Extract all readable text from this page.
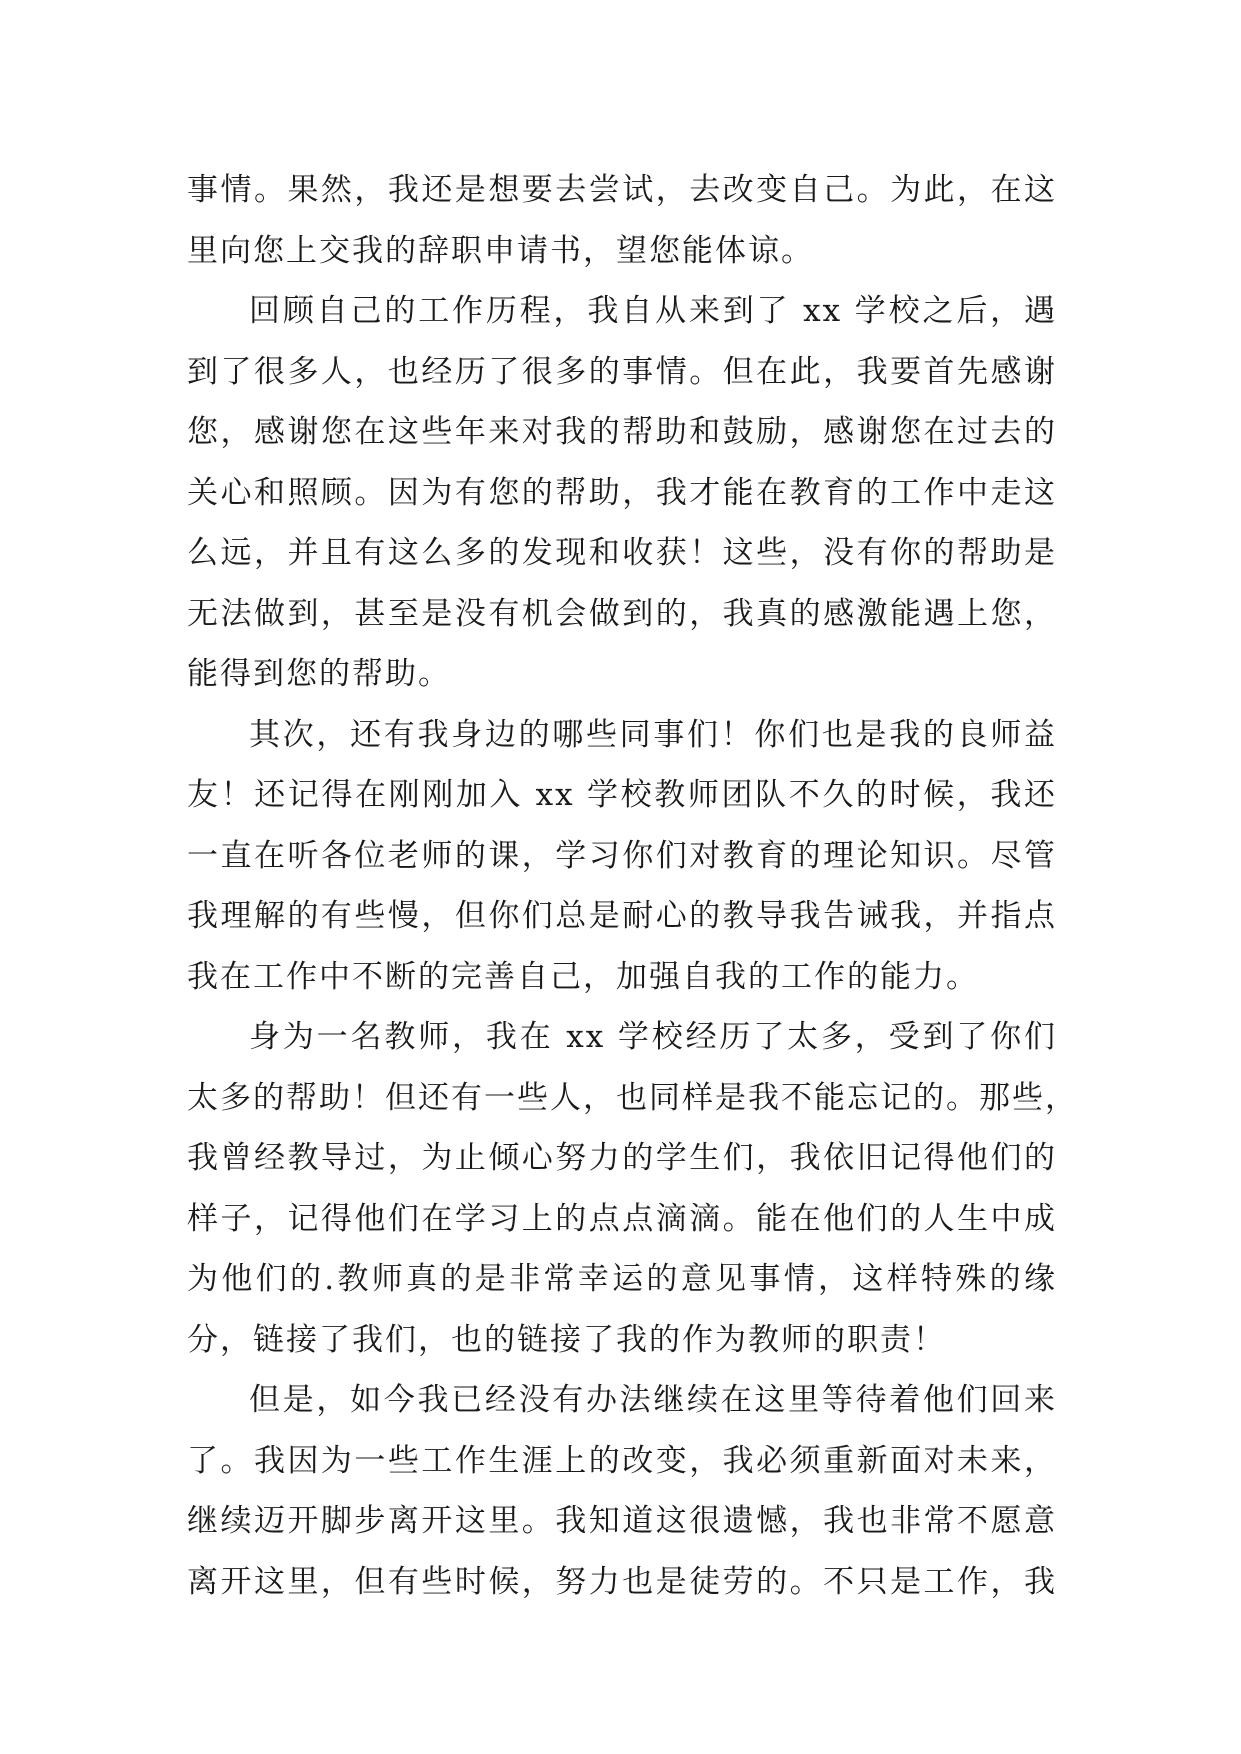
事情。果然，我还是想要去尝试，去改变自己。为此，在这
里向您上交我的辞职申请书，望您能体谅。
回顾自己的工作历程，我自从来到了 xx 学校之后，遇
到了很多人，也经历了很多的事情。但在此，我要首先感谢
您，感谢您在这些年来对我的帮助和鼓励，感谢您在过去的
关心和照顾。因为有您的帮助，我才能在教育的工作中走这
么远，并且有这么多的发现和收获！这些，没有你的帮助是
无法做到，甚至是没有机会做到的，我真的感激能遇上您，
能得到您的帮助。
其次，还有我身边的哪些同事们！你们也是我的良师益
友！还记得在刚刚加入 xx 学校教师团队不久的时候，我还
一直在听各位老师的课，学习你们对教育的理论知识。尽管
我理解的有些慢，但你们总是耐心的教导我告诫我，并指点
我在工作中不断的完善自己，加强自我的工作的能力。
身为一名教师，我在 xx 学校经历了太多，受到了你们
太多的帮助！但还有一些人，也同样是我不能忘记的。那些，
我曾经教导过，为止倾心努力的学生们，我依旧记得他们的
样子，记得他们在学习上的点点滴滴。能在他们的人生中成
为他们的.教师真的是非常幸运的意见事情，这样特殊的缘
分，链接了我们，也的链接了我的作为教师的职责！
但是，如今我已经没有办法继续在这里等待着他们回来
了。我因为一些工作生涯上的改变，我必须重新面对未来，
继续迈开脚步离开这里。我知道这很遗憾，我也非常不愿意
离开这里，但有些时候，努力也是徒劳的。不只是工作，我
